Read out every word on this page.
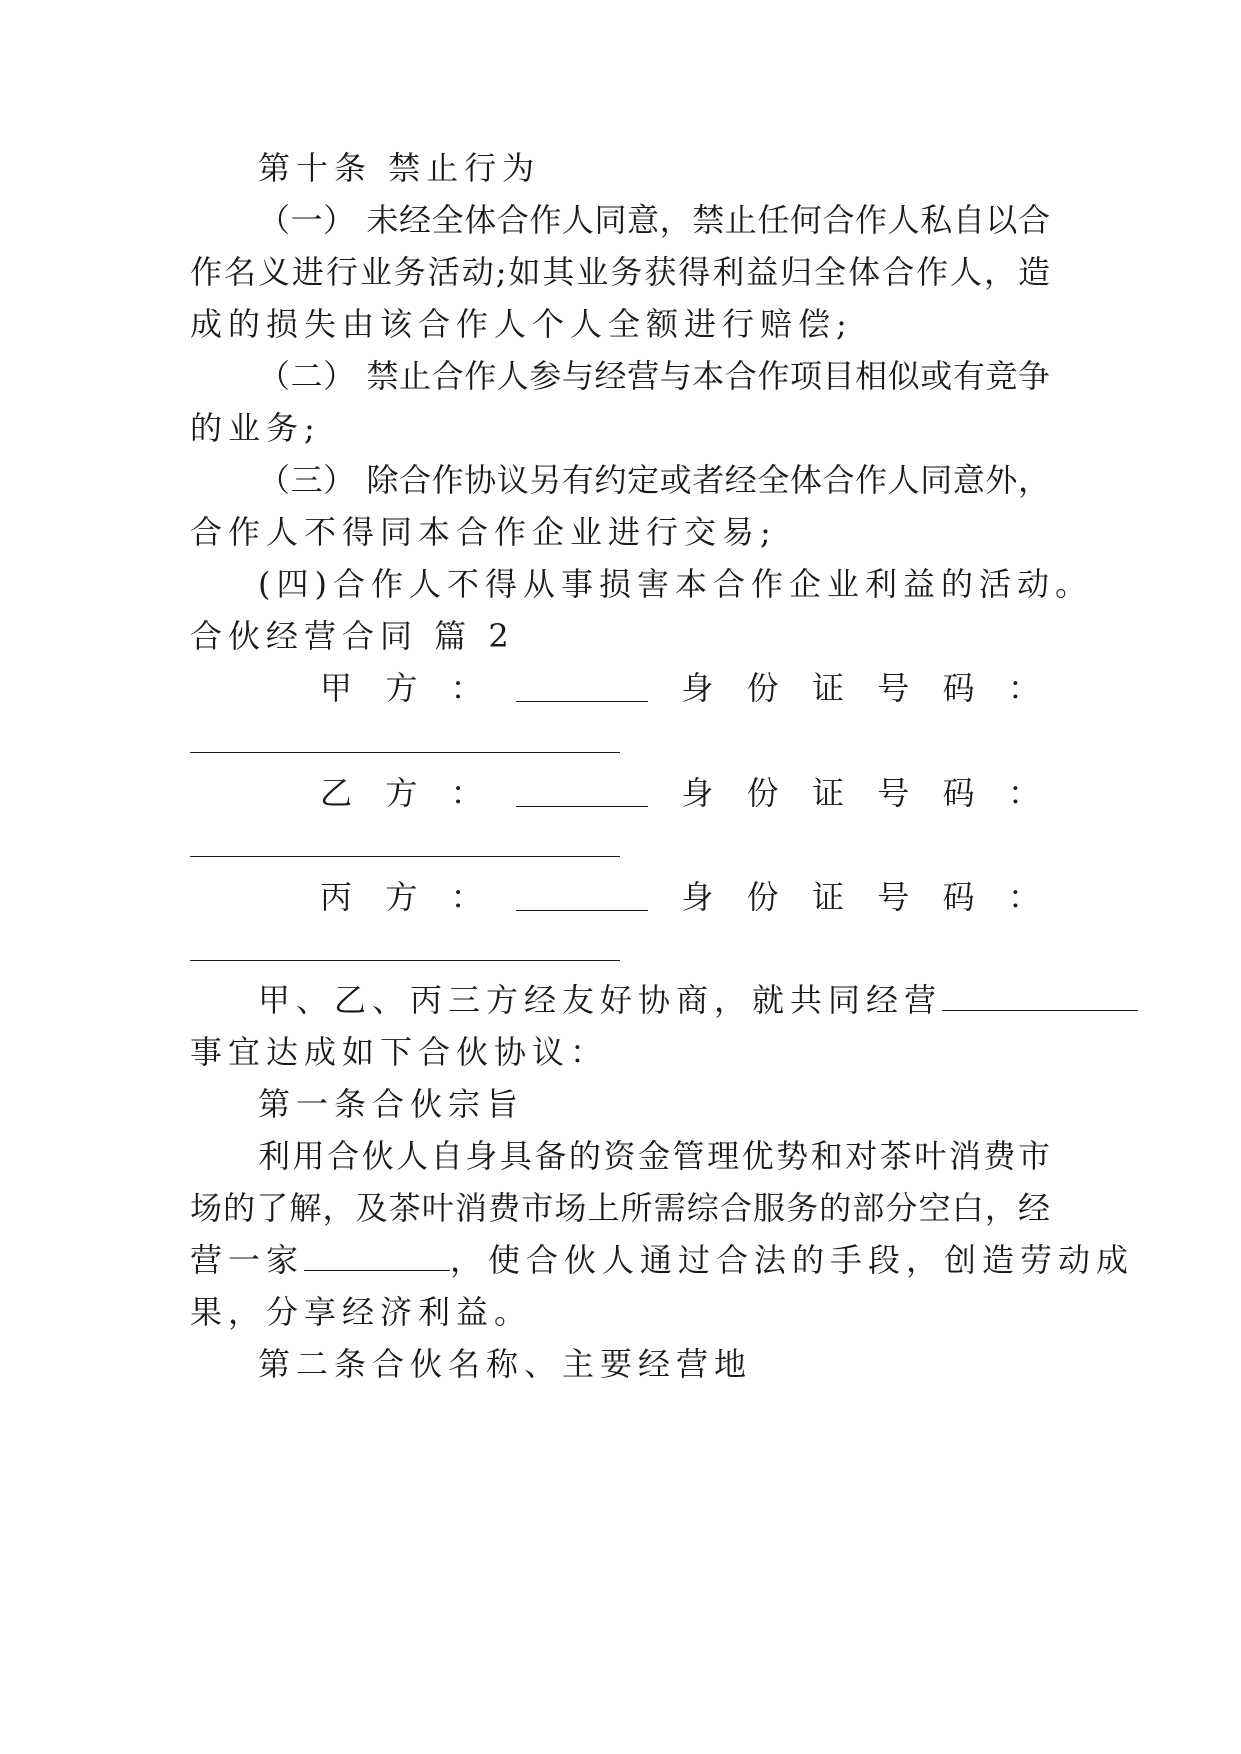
第十条 禁止行为
（一） 未经全体合作人同意，禁止任何合作人私自以合
作名义进行业务活动;如其业务获得利益归全体合作人，造
成的损失由该合作人个人全额进行赔偿;
（二） 禁止合作人参与经营与本合作项目相似或有竞争
的业务;
（三） 除合作协议另有约定或者经全体合作人同意外，
合作人不得同本合作企业进行交易;
(四)合作人不得从事损害本合作企业利益的活动。
合伙经营合同 篇 2
甲 方 ：	身 份 证 号 码 ：
乙 方 ：	身 份 证 号 码 ：
丙 方 ：	身 份 证 号 码 ：
甲、乙、丙三方经友好协商，就共同经营
事宜达成如下合伙协议：
第一条合伙宗旨
利用合伙人自身具备的资金管理优势和对茶叶消费市
场的了解，及茶叶消费市场上所需综合服务的部分空白，经
营一家	，使合伙人通过合法的手段，创造劳动成
果，分享经济利益。
第二条合伙名称、主要经营地
